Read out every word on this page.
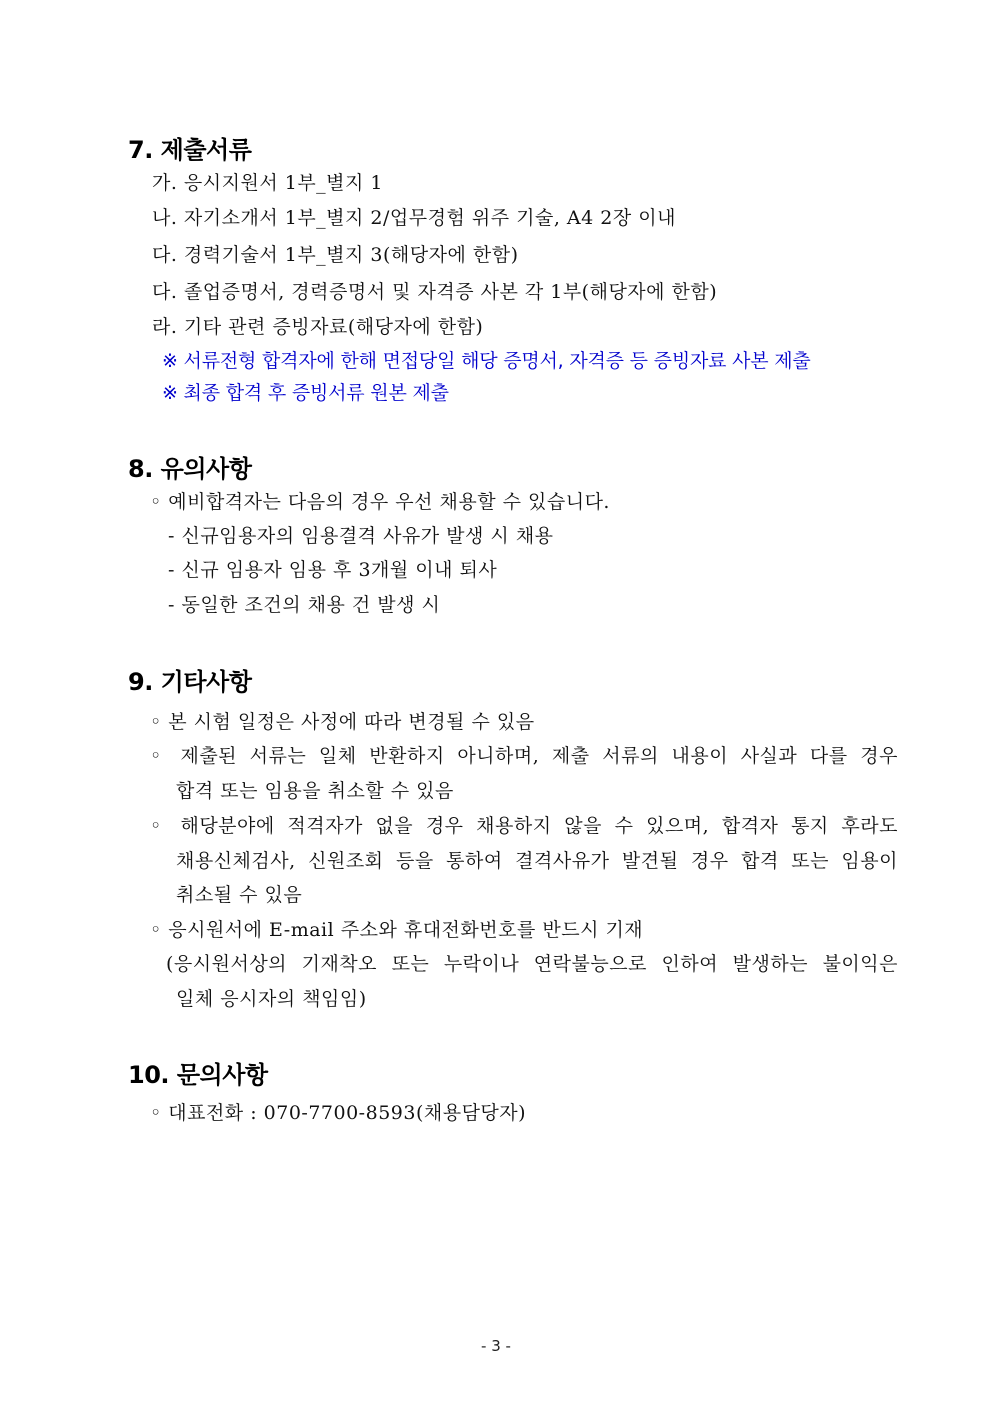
7. 제출서류
가. 응시지원서 1부_별지 1
나. 자기소개서 1부_별지 2/업무경험 위주 기술, A4 2장 이내
다. 경력기술서 1부_별지 3(해당자에 한함)
다. 졸업증명서, 경력증명서 및 자격증 사본 각 1부(해당자에 한함)
라. 기타 관련 증빙자료(해당자에 한함)
※ 서류전형 합격자에 한해 면접당일 해당 증명서, 자격증 등 증빙자료 사본 제출
※ 최종 합격 후 증빙서류 원본 제출
8. 유의사항
◦ 예비합격자는 다음의 경우 우선 채용할 수 있습니다.
- 신규임용자의 임용결격 사유가 발생 시 채용
- 신규 임용자 임용 후 3개월 이내 퇴사
- 동일한 조건의 채용 건 발생 시
9. 기타사항
◦ 본 시험 일정은 사정에 따라 변경될 수 있음
◦ 제출된 서류는 일체 반환하지 아니하며, 제출 서류의 내용이 사실과 다를 경우
합격 또는 임용을 취소할 수 있음
◦ 해당분야에 적격자가 없을 경우 채용하지 않을 수 있으며, 합격자 통지 후라도
채용신체검사, 신원조회 등을 통하여 결격사유가 발견될 경우 합격 또는 임용이
취소될 수 있음
◦ 응시원서에 E-mail 주소와 휴대전화번호를 반드시 기재
(응시원서상의 기재착오 또는 누락이나 연락불능으로 인하여 발생하는 불이익은
일체 응시자의 책임임)
10. 문의사항
◦ 대표전화 : 070-7700-8593(채용담당자)
- 3 -
